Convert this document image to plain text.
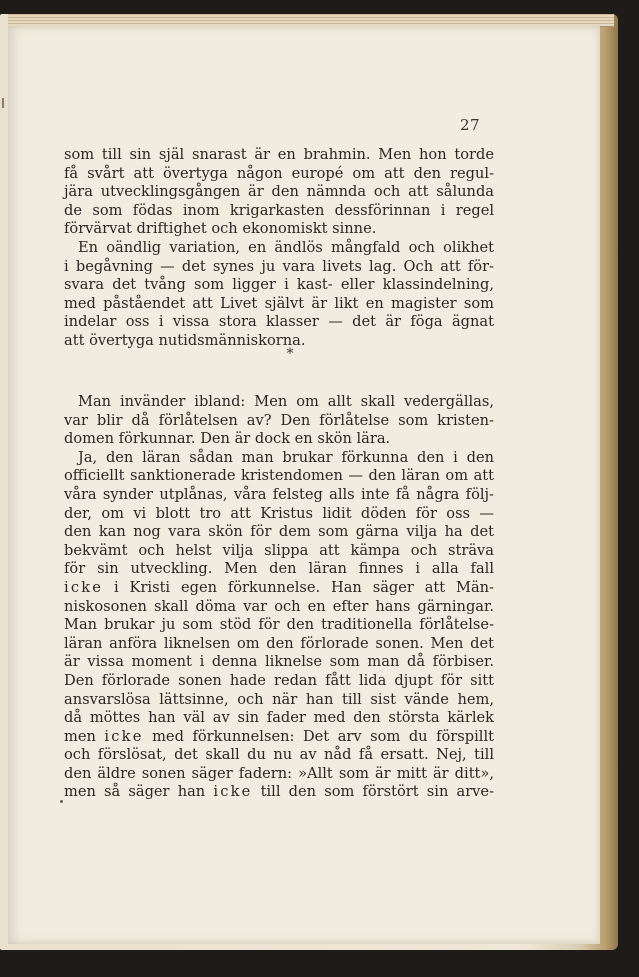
27
som till sin själ snarast är en brahmin. Men hon torde
få svårt att övertyga någon europé om att den regul-
jära utvecklingsgången är den nämnda och att sålunda
de som födas inom krigarkasten dessförinnan i regel
förvärvat driftighet och ekonomiskt sinne.
En oändlig variation, en ändlös mångfald och olikhet
i begåvning — det synes ju vara livets lag. Och att för-
svara det tvång som ligger i kast- eller klassindelning,
med påståendet att Livet självt är likt en magister som
indelar oss i vissa stora klasser — det är föga ägnat
att övertyga nutidsmänniskorna.
*
Man invänder ibland: Men om allt skall vedergällas,
var blir då förlåtelsen av? Den förlåtelse som kristen-
domen förkunnar. Den är dock en skön lära.
Ja, den läran sådan man brukar förkunna den i den
officiellt sanktionerade kristendomen — den läran om att
våra synder utplånas, våra felsteg alls inte få några följ-
der, om vi blott tro att Kristus lidit döden för oss —
den kan nog vara skön för dem som gärna vilja ha det
bekvämt och helst vilja slippa att kämpa och sträva
för sin utveckling. Men den läran finnes i alla fall
icke i Kristi egen förkunnelse. Han säger att Män-
niskosonen skall döma var och en efter hans gärningar.
Man brukar ju som stöd för den traditionella förlåtelse-
läran anföra liknelsen om den förlorade sonen. Men det
är vissa moment i denna liknelse som man då förbiser.
Den förlorade sonen hade redan fått lida djupt för sitt
ansvarslösa lättsinne, och när han till sist vände hem,
då möttes han väl av sin fader med den största kärlek
men icke med förkunnelsen: Det arv som du förspillt
och förslösat, det skall du nu av nåd få ersatt. Nej, till
den äldre sonen säger fadern: »Allt som är mitt är ditt»,
men så säger han icke till den som förstört sin arve-
